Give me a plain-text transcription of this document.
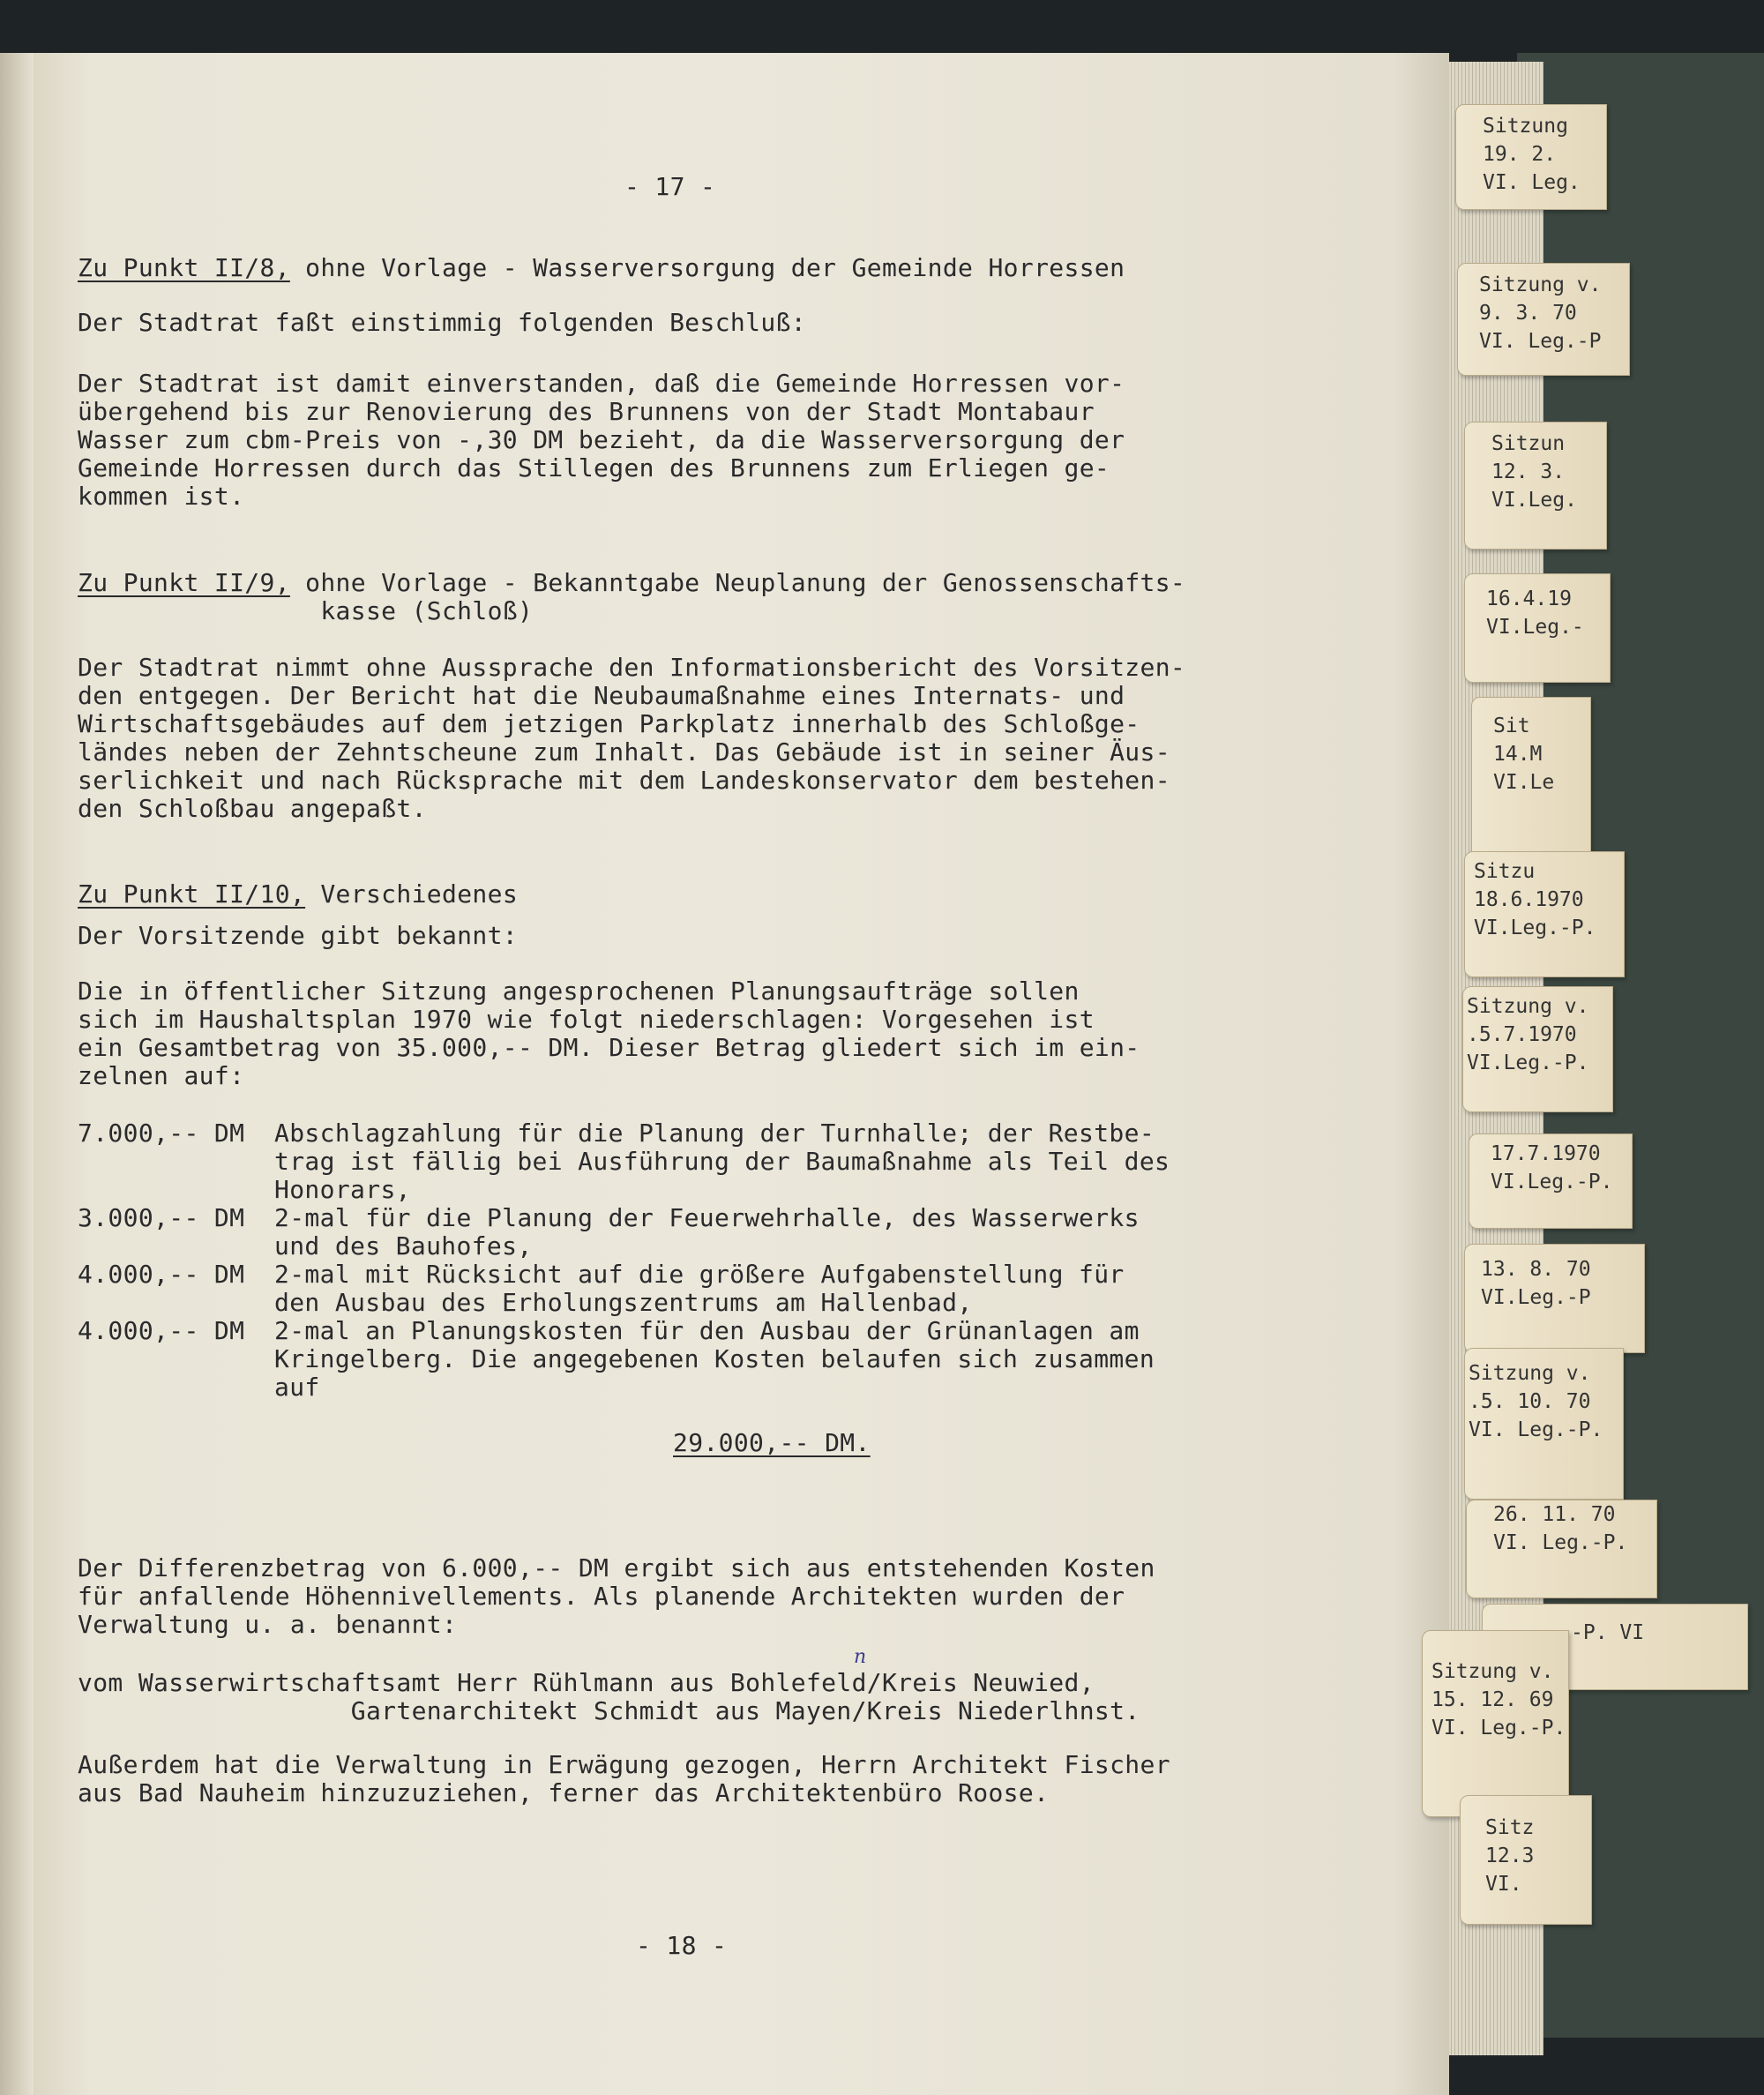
- 17 -

Zu Punkt II/8, ohne Vorlage - Wasserversorgung der Gemeinde Horressen

Der Stadtrat faßt einstimmig folgenden Beschluß:

Der Stadtrat ist damit einverstanden, daß die Gemeinde Horressen vor-

übergehend bis zur Renovierung des Brunnens von der Stadt Montabaur

Wasser zum cbm-Preis von -,30 DM bezieht, da die Wasserversorgung der

Gemeinde Horressen durch das Stillegen des Brunnens zum Erliegen ge-

kommen ist.

Zu Punkt II/9, ohne Vorlage - Bekanntgabe Neuplanung der Genossenschafts-

kasse (Schloß)

Der Stadtrat nimmt ohne Aussprache den Informationsbericht des Vorsitzen-

den entgegen. Der Bericht hat die Neubaumaßnahme eines Internats- und

Wirtschaftsgebäudes auf dem jetzigen Parkplatz innerhalb des Schloßge-

ländes neben der Zehntscheune zum Inhalt. Das Gebäude ist in seiner Äus-

serlichkeit und nach Rücksprache mit dem Landeskonservator dem bestehen-

den Schloßbau angepaßt.

Zu Punkt II/10, Verschiedenes

Der Vorsitzende gibt bekannt:

Die in öffentlicher Sitzung angesprochenen Planungsaufträge sollen

sich im Haushaltsplan 1970 wie folgt niederschlagen: Vorgesehen ist

ein Gesamtbetrag von 35.000,-- DM. Dieser Betrag gliedert sich im ein-

zelnen auf:

7.000,-- DM Abschlagzahlung für die Planung der Turnhalle; der Restbe-

trag ist fällig bei Ausführung der Baumaßnahme als Teil des

Honorars,

3.000,-- DM 2-mal für die Planung der Feuerwehrhalle, des Wasserwerks

und des Bauhofes,

4.000,-- DM 2-mal mit Rücksicht auf die größere Aufgabenstellung für

den Ausbau des Erholungszentrums am Hallenbad,

4.000,-- DM 2-mal an Planungskosten für den Ausbau der Grünanlagen am

Kringelberg. Die angegebenen Kosten belaufen sich zusammen

auf

29.000,-- DM.

Der Differenzbetrag von 6.000,-- DM ergibt sich aus entstehenden Kosten

für anfallende Höhennivellements. Als planende Architekten wurden der

Verwaltung u. a. benannt:

n

vom Wasserwirtschaftsamt Herr Rühlmann aus Bohlefeld/Kreis Neuwied,

Gartenarchitekt Schmidt aus Mayen/Kreis Niederlhnst.

Außerdem hat die Verwaltung in Erwägung gezogen, Herrn Architekt Fischer

aus Bad Nauheim hinzuzuziehen, ferner das Architektenbüro Roose.

- 18 -

Sitzung
19. 2.
VI. Leg.
Sitzung v.
9. 3. 70
VI. Leg.-P
Sitzun
12. 3.
VI.Leg.
16.4.19
VI.Leg.-
Sit
14.M
VI.Le
Sitzu
18.6.1970
VI.Leg.-P.
Sitzung v.
.5.7.1970
VI.Leg.-P.
17.7.1970
VI.Leg.-P.
13. 8. 70
VI.Leg.-P
Sitzung v.
.5. 10. 70
VI. Leg.-P.
26. 11. 70
VI. Leg.-P.
-P. VI
Sitzung v.
15. 12. 69
VI. Leg.-P.
Sitz
12.3
VI.
